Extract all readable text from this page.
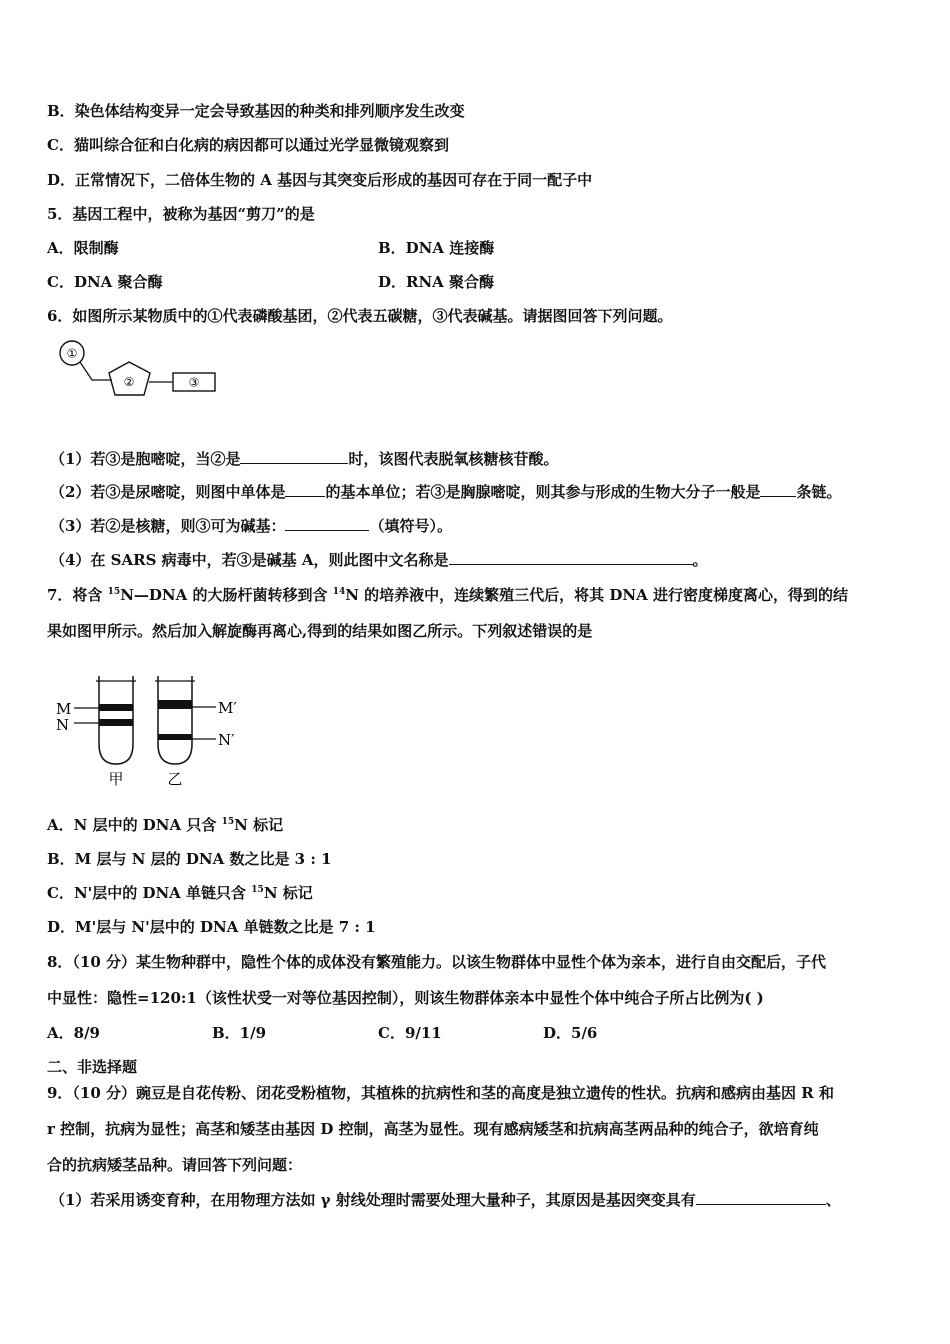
B．染色体结构变异一定会导致基因的种类和排列顺序发生改变
C．猫叫综合征和白化病的病因都可以通过光学显微镜观察到
D．正常情况下，二倍体生物的 A 基因与其突变后形成的基因可存在于同一配子中
5．基因工程中，被称为基因“剪刀”的是
A．限制酶	B．DNA 连接酶
C．DNA 聚合酶	D．RNA 聚合酶
6．如图所示某物质中的①代表磷酸基团，②代表五碳糖，③代表碱基。请据图回答下列问题。
①
②	③
（1）若③是胞嘧啶，当②是	时，该图代表脱氧核糖核苷酸。
（2）若③是尿嘧啶，则图中单体是	的基本单位；若③是胸腺嘧啶，则其参与形成的生物大分子一般是 条链。
（3）若②是核糖，则③可为碱基：	（填符号）。
（4）在 SARS 病毒中，若③是碱基 A，则此图中文名称是	。
7．将含 $^{15}$N—DNA 的大肠杆菌转移到含 $^{14}$N 的培养液中，连续繁殖三代后，将其 DNA 进行密度梯度离心，得到的结
果如图甲所示。然后加入解旋酶再离心,得到的结果如图乙所示。下列叙述错误的是
M
N
甲
M′
N′
乙
A．N 层中的 DNA 只含 $^{15}$N 标记
B．M 层与 N 层的 DNA 数之比是 3 : 1
C．N'层中的 DNA 单链只含 $^{15}$N 标记
D．M'层与 N'层中的 DNA 单链数之比是 7 : 1
8．（10 分）某生物种群中，隐性个体的成体没有繁殖能力。以该生物群体中显性个体为亲本，进行自由交配后，子代
中显性：隐性=120:1（该性状受一对等位基因控制），则该生物群体亲本中显性个体中纯合子所占比例为( )
A．8/9	B．1/9	C．9/11	D．5/6
二、非选择题
9．（10 分）豌豆是自花传粉、闭花受粉植物，其植株的抗病性和茎的高度是独立遗传的性状。抗病和感病由基因 R 和
r 控制，抗病为显性；高茎和矮茎由基因 D 控制，高茎为显性。现有感病矮茎和抗病高茎两品种的纯合子，欲培育纯
合的抗病矮茎品种。请回答下列问题：
（1）若采用诱变育种，在用物理方法如 γ 射线处理时需要处理大量种子，其原因是基因突变具有	、
